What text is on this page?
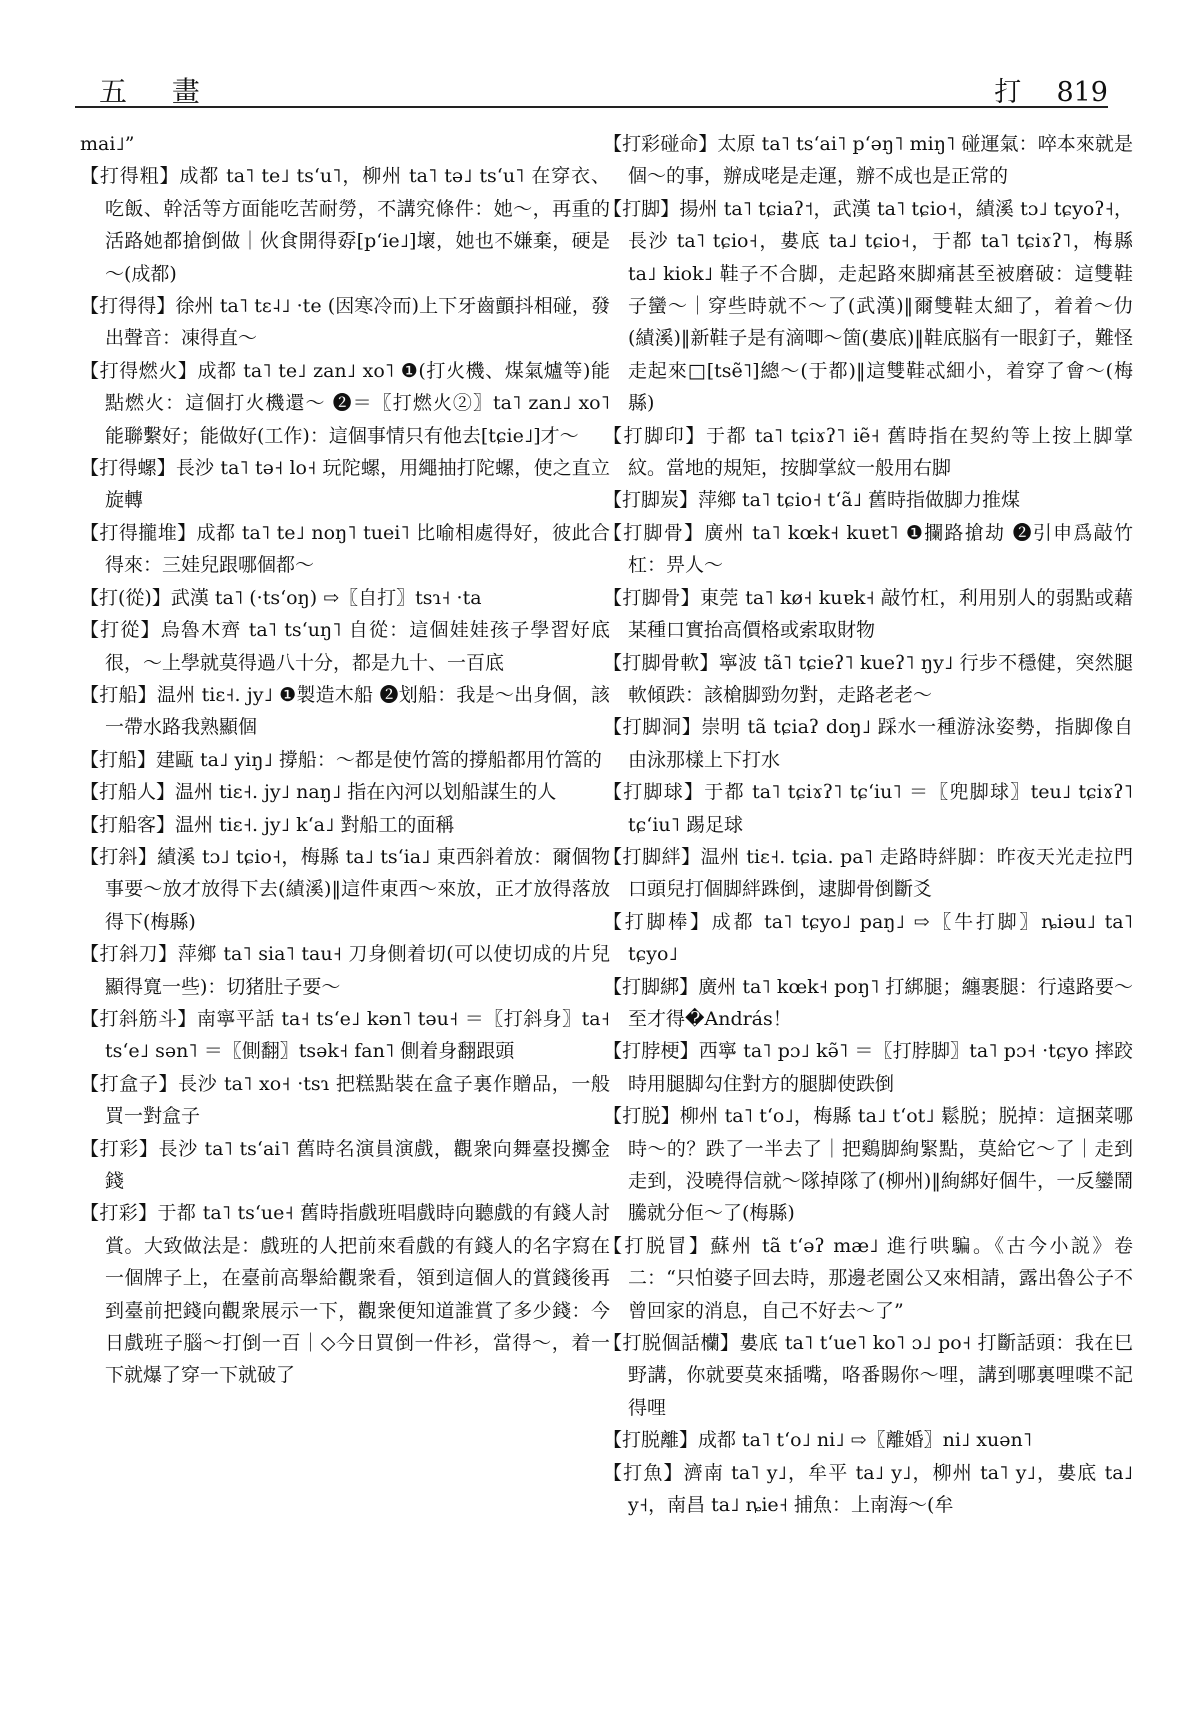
五 畫	打 819

mai˩”

【打得粗】成都 ta˥ te˩ tsʻu˥，柳州 ta˥ tə˩ tsʻu˥ 在穿衣、吃飯、幹活等方面能吃苦耐勞，不講究條件：她～，再重的活路她都搶倒做｜伙食開得孬[pʻie˩]壞，她也不嫌棄，硬是～(成都)

【打得得】徐州 ta˥ tɛ˨˩ ·te (因寒冷而)上下牙齒顫抖相碰，發出聲音：凍得直～

【打得燃火】成都 ta˥ te˩ zan˩ xo˥ ❶(打火機、煤氣爐等)能點燃火：這個打火機還～ ❷＝〖打燃火②〗ta˥ zan˩ xo˥ 能聯繫好；能做好(工作)：這個事情只有他去[tɕie˩]才～

【打得螺】長沙 ta˥ tə˧ lo˧ 玩陀螺，用繩抽打陀螺，使之直立旋轉

【打得攏堆】成都 ta˥ te˩ noŋ˥ tuei˥ 比喻相處得好，彼此合得來：三娃兒跟哪個都～

【打(從)】武漢 ta˥ (·tsʻoŋ) ⇨〖自打〗tsɿ˧ ·ta

【打從】烏魯木齊 ta˥ tsʻuŋ˥ 自從：這個娃娃孩子學習好底很，～上學就莫得過八十分，都是九十、一百底

【打船】温州 tiɛ˧. jy˩ ❶製造木船 ❷划船：我是～出身個，該一帶水路我熟顯個

【打船】建甌 ta˩ yiŋ˩ 撐船：～都是使竹篙的撐船都用竹篙的

【打船人】温州 tiɛ˧. jy˩ naŋ˩ 指在內河以划船謀生的人

【打船客】温州 tiɛ˧. jy˩ kʻa˩ 對船工的面稱

【打斜】績溪 tɔ˩ tɕio˧，梅縣 ta˩ tsʻia˩ 東西斜着放：爾個物事要～放才放得下去(績溪)‖這件東西～來放，正才放得落放得下(梅縣)

【打斜刀】萍鄉 ta˥ sia˥ tau˧ 刀身側着切(可以使切成的片兒顯得寬一些)：切猪肚子要～

【打斜筋斗】南寧平話 ta˧ tsʻe˩ kən˥ təu˧ ＝〖打斜身〗ta˧ tsʻe˩ sən˥ ＝〖側翻〗tsək˧ fan˥ 側着身翻跟頭

【打盒子】長沙 ta˥ xo˧ ·tsɿ 把糕點裝在盒子裏作贈品，一般買一對盒子

【打彩】長沙 ta˥ tsʻai˥ 舊時名演員演戲，觀衆向舞臺投擲金錢

【打彩】于都 ta˥ tsʻue˧ 舊時指戲班唱戲時向聽戲的有錢人討賞。大致做法是：戲班的人把前來看戲的有錢人的名字寫在一個牌子上，在臺前高舉給觀衆看，領到這個人的賞錢後再到臺前把錢向觀衆展示一下，觀衆便知道誰賞了多少錢：今日戲班子腦～打倒一百｜◇今日買倒一件衫，當得～，着一下就爆了穿一下就破了

【打彩碰命】太原 ta˥ tsʻai˥ pʻəŋ˥ miŋ˥ 碰運氣：啐本來就是個～的事，辦成咾是走運，辦不成也是正常的

【打脚】揚州 ta˥ tɕiaʔ˦，武漢 ta˥ tɕio˧，績溪 tɔ˩ tɕyoʔ˧，長沙 ta˥ tɕio˧，婁底 ta˩ tɕio˧，于都 ta˥ tɕiɤʔ˥，梅縣 ta˩ kiok˩ 鞋子不合脚，走起路來脚痛甚至被磨破：這雙鞋子蠻～｜穿些時就不～了(武漢)‖爾雙鞋太細了，着着～仂(績溪)‖新鞋子是有滴唧～箇(婁底)‖鞋底脳有一眼釘子，難怪走起來□[tsẽ˥]總～(于都)‖這雙鞋忒細小，着穿了會～(梅縣)

【打脚印】于都 ta˥ tɕiɤʔ˥ iẽ˧ 舊時指在契約等上按上脚掌紋。當地的規矩，按脚掌紋一般用右脚

【打脚炭】萍鄉 ta˥ tɕio˧ tʻã˩ 舊時指做脚力推煤

【打脚骨】廣州 ta˥ kœk˧ kuɐt˥ ❶攔路搶劫 ❷引申爲敲竹杠：畀人～

【打脚骨】東莞 ta˥ kø˧ kuɐk˧ 敲竹杠，利用别人的弱點或藉某種口實抬高價格或索取財物

【打脚骨軟】寧波 tã˥ tɕieʔ˥ kueʔ˥ ŋy˩ 行步不穩健，突然腿軟傾跌：該槍脚勁勿對，走路老老～

【打脚洞】崇明 tã tɕiaʔ doŋ˩ 踩水一種游泳姿勢，指脚像自由泳那樣上下打水

【打脚球】于都 ta˥ tɕiɤʔ˥ tɕʻiu˥ ＝〖兜脚球〗teu˩ tɕiɤʔ˥ tɕʻiu˥ 踢足球

【打脚絆】温州 tiɛ˧. tɕia. pa˥ 走路時絆脚：昨夜天光走拉門口頭兒打個脚絆跦倒，逮脚骨倒斷爻

【打脚棒】成都 ta˥ tɕyo˩ paŋ˩ ⇨〖牛打脚〗ȵiəu˩ ta˥ tɕyo˩

【打脚綁】廣州 ta˥ kœk˧ poŋ˥ 打綁腿；纏裹腿：行遠路要～至才得�András！

【打脖梗】西寧 ta˥ pɔ˩ kə̃˥ ＝〖打脖脚〗ta˥ pɔ˧ ·tɕyo 摔跤時用腿脚勾住對方的腿脚使跌倒

【打脱】柳州 ta˥ tʻo˩，梅縣 ta˩ tʻot˩ 鬆脱；脱掉：這捆菜哪時～的？跌了一半去了｜把鷄脚絢緊點，莫給它～了｜走到走到，没曉得信就～隊掉隊了(柳州)‖絢綁好個牛，一反鑾鬧騰就分佢～了(梅縣)

【打脱冒】蘇州 tã tʻəʔ mæ˩ 進行哄騙。《古今小説》卷二：“只怕婆子回去時，那邊老園公又來相請，露出魯公子不曾回家的消息，自己不好去～了”

【打脱個話欗】婁底 ta˥ tʻue˥ ko˥ ɔ˩ po˧ 打斷話頭：我在巳野講，你就要莫來插嘴，咯番賜你～哩，講到哪裏哩喋不記得哩

【打脱離】成都 ta˥ tʻo˩ ni˩ ⇨〖離婚〗ni˩ xuən˥

【打魚】濟南 ta˥ y˩，牟平 ta˩ y˩，柳州 ta˥ y˩，婁底 ta˩ y˧，南昌 ta˩ ȵie˧ 捕魚：上南海～(牟
